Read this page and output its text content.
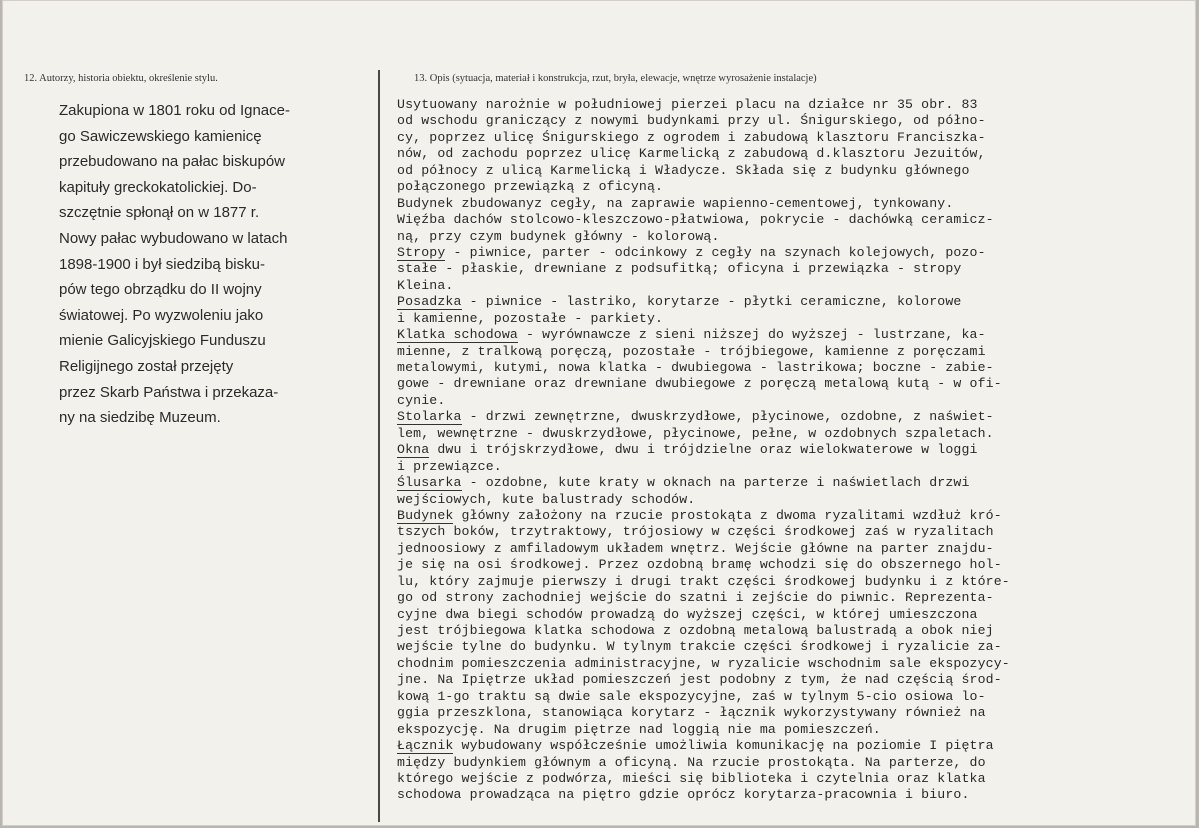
12. Autorzy, historia obiektu, określenie stylu.	13. Opis (sytuacja, materiał i konstrukcja, rzut, bryła, elewacje, wnętrze wyrosażenie instalacje)
Zakupiona w 1801 roku od Ignace-
go Sawiczewskiego kamienicę
przebudowano na pałac biskupów
kapituły greckokatolickiej. Do-
szczętnie spłonął on w 1877 r.
Nowy pałac wybudowano w latach
1898-1900 i był siedzibą bisku-
pów tego obrządku do II wojny
światowej. Po wyzwoleniu jako
mienie Galicyjskiego Funduszu
Religijnego został przejęty
przez Skarb Państwa i przekaza-
ny na siedzibę Muzeum.
Usytuowany narożnie w południowej pierzei placu na działce nr 35 obr. 83
od wschodu graniczący z nowymi budynkami przy ul. Śnigurskiego, od półno-
cy, poprzez ulicę Śnigurskiego z ogrodem i zabudową klasztoru Franciszka-
nów, od zachodu poprzez ulicę Karmelicką z zabudową d.klasztoru Jezuitów,
od północy z ulicą Karmelicką i Władycze. Składa się z budynku głównego
połączonego przewiązką z oficyną.
Budynek zbudowanyz cegły, na zaprawie wapienno-cementowej, tynkowany.
Więźba dachów stolcowo-kleszczowo-płatwiowa, pokrycie - dachówką ceramicz-
ną, przy czym budynek główny - kolorową.
Stropy - piwnice, parter - odcinkowy z cegły na szynach kolejowych, pozo-
stałe - płaskie, drewniane z podsufitką; oficyna i przewiązka - stropy
Kleina.
Posadzka - piwnice - lastriko, korytarze - płytki ceramiczne, kolorowe
i kamienne, pozostałe - parkiety.
Klatka schodowa - wyrównawcze z sieni niższej do wyższej - lustrzane, ka-
mienne, z tralkową poręczą, pozostałe - trójbiegowe, kamienne z poręczami
metalowymi, kutymi, nowa klatka - dwubiegowa - lastrikowa; boczne - zabie-
gowe - drewniane oraz drewniane dwubiegowe z poręczą metalową kutą - w ofi-
cynie.
Stolarka - drzwi zewnętrzne, dwuskrzydłowe, płycinowe, ozdobne, z naświet-
lem, wewnętrzne - dwuskrzydłowe, płycinowe, pełne, w ozdobnych szpaletach.
Okna dwu i trójskrzydłowe, dwu i trójdzielne oraz wielokwaterowe w loggi
i przewiązce.
Ślusarka - ozdobne, kute kraty w oknach na parterze i naświetlach drzwi
wejściowych, kute balustrady schodów.
Budynek główny założony na rzucie prostokąta z dwoma ryzalitami wzdłuż kró-
tszych boków, trzytraktowy, trójosiowy w części środkowej zaś w ryzalitach
jednoosiowy z amfiladowym układem wnętrz. Wejście główne na parter znajdu-
je się na osi środkowej. Przez ozdobną bramę wchodzi się do obszernego hol-
lu, który zajmuje pierwszy i drugi trakt części środkowej budynku i z które-
go od strony zachodniej wejście do szatni i zejście do piwnic. Reprezenta-
cyjne dwa biegi schodów prowadzą do wyższej części, w której umieszczona
jest trójbiegowa klatka schodowa z ozdobną metalową balustradą a obok niej
wejście tylne do budynku. W tylnym trakcie części środkowej i ryzalicie za-
chodnim pomieszczenia administracyjne, w ryzalicie wschodnim sale ekspozycy-
jne. Na Ipiętrze układ pomieszczeń jest podobny z tym, że nad częścią środ-
kową 1-go traktu są dwie sale ekspozycyjne, zaś w tylnym 5-cio osiowa lo-
ggia przeszklona, stanowiąca korytarz - łącznik wykorzystywany również na
ekspozycję. Na drugim piętrze nad loggią nie ma pomieszczeń.
Łącznik wybudowany współcześnie umożliwia komunikację na poziomie I piętra
między budynkiem głównym a oficyną. Na rzucie prostokąta. Na parterze, do
którego wejście z podwórza, mieści się biblioteka i czytelnia oraz klatka
schodowa prowadząca na piętro gdzie oprócz korytarza-pracownia i biuro.
